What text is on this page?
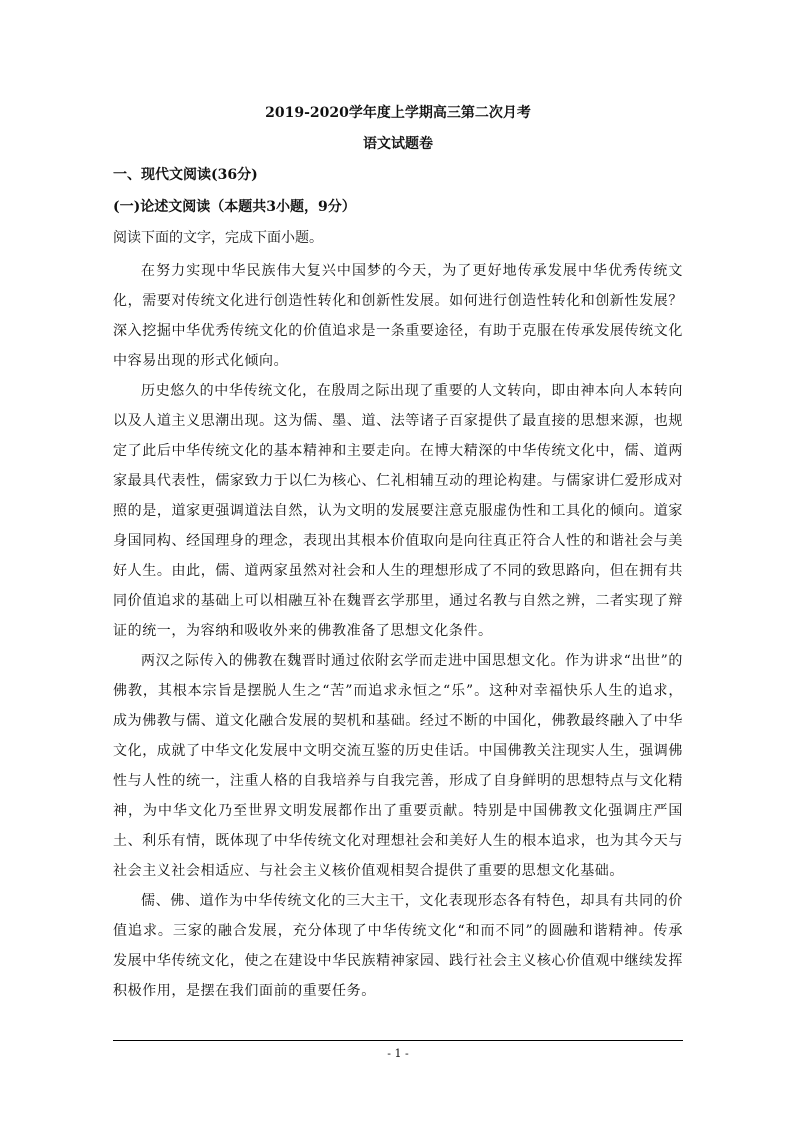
2019-2020学年度上学期高三第二次月考
语文试题卷
一、现代文阅读(36分)
(一)论述文阅读（本题共3小题，9分）
阅读下面的文字，完成下面小题。

在努力实现中华民族伟大复兴中国梦的今天，为了更好地传承发展中华优秀传统文化，需要对传统文化进行创造性转化和创新性发展。如何进行创造性转化和创新性发展？深入挖掘中华优秀传统文化的价值追求是一条重要途径，有助于克服在传承发展传统文化中容易出现的形式化倾向。

历史悠久的中华传统文化，在殷周之际出现了重要的人文转向，即由神本向人本转向以及人道主义思潮出现。这为儒、墨、道、法等诸子百家提供了最直接的思想来源，也规定了此后中华传统文化的基本精神和主要走向。在博大精深的中华传统文化中，儒、道两家最具代表性，儒家致力于以仁为核心、仁礼相辅互动的理论构建。与儒家讲仁爱形成对照的是，道家更强调道法自然，认为文明的发展要注意克服虚伪性和工具化的倾向。道家身国同构、经国理身的理念，表现出其根本价值取向是向往真正符合人性的和谐社会与美好人生。由此，儒、道两家虽然对社会和人生的理想形成了不同的致思路向，但在拥有共同价值追求的基础上可以相融互补在魏晋玄学那里，通过名教与自然之辨，二者实现了辩证的统一，为容纳和吸收外来的佛教准备了思想文化条件。

两汉之际传入的佛教在魏晋时通过依附玄学而走进中国思想文化。作为讲求“出世”的佛教，其根本宗旨是摆脱人生之“苦”而追求永恒之“乐”。这种对幸福快乐人生的追求，成为佛教与儒、道文化融合发展的契机和基础。经过不断的中国化，佛教最终融入了中华文化，成就了中华文化发展中文明交流互鉴的历史佳话。中国佛教关注现实人生，强调佛性与人性的统一，注重人格的自我培养与自我完善，形成了自身鲜明的思想特点与文化精神，为中华文化乃至世界文明发展都作出了重要贡献。特别是中国佛教文化强调庄严国土、利乐有情，既体现了中华传统文化对理想社会和美好人生的根本追求，也为其今天与社会主义社会相适应、与社会主义核价值观相契合提供了重要的思想文化基础。

儒、佛、道作为中华传统文化的三大主干，文化表现形态各有特色，却具有共同的价值追求。三家的融合发展，充分体现了中华传统文化“和而不同”的圆融和谐精神。传承发展中华传统文化，使之在建设中华民族精神家园、践行社会主义核心价值观中继续发挥积极作用，是摆在我们面前的重要任务。

- 1 -
